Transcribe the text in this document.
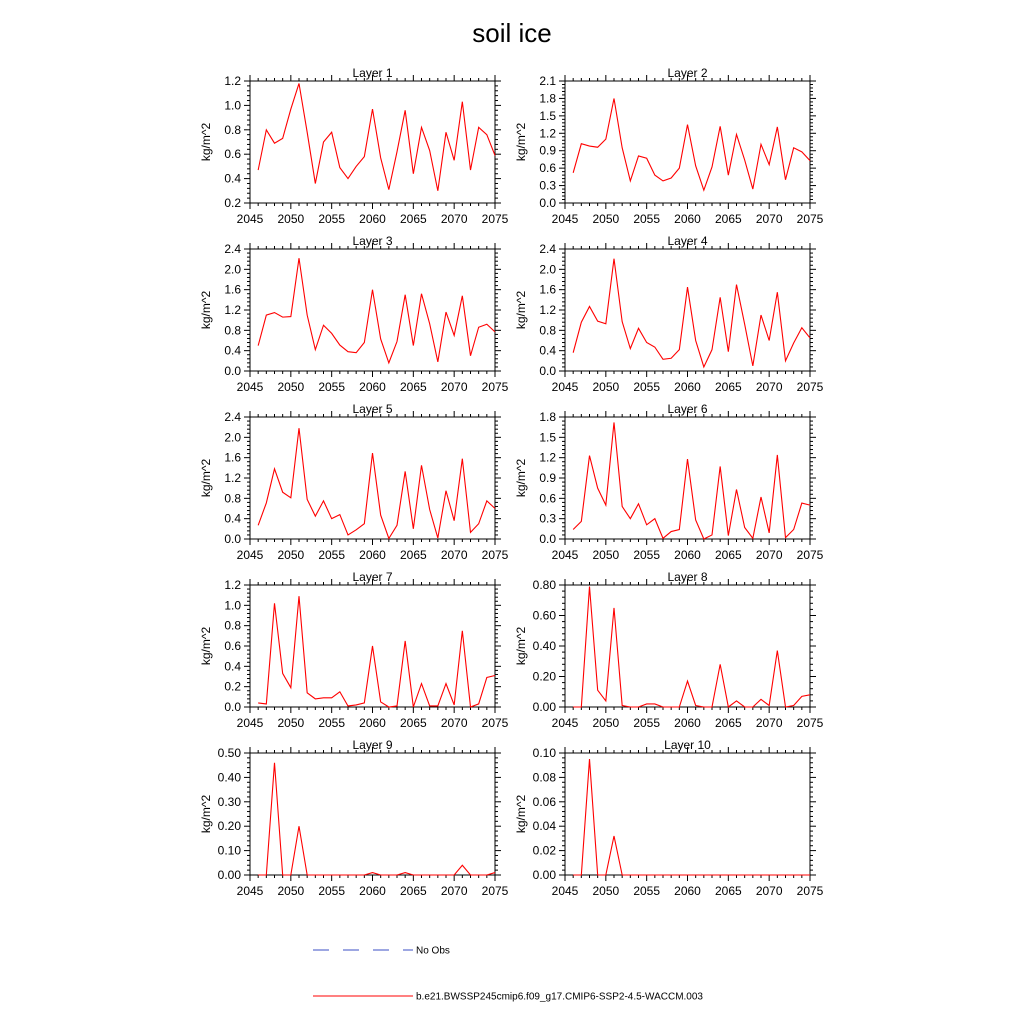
soil ice
Layer 1
kg/m^2
2045 2050 2055 2060 2065 2070 2075
0.2
0.4
0.6
0.8
1.0
1.2
Layer 2
kg/m^2
2045 2050 2055 2060 2065 2070 2075
0.0
0.3
0.6
0.9
1.2
1.5
1.8
2.1
Layer 3
kg/m^2
2045 2050 2055 2060 2065 2070 2075
0.0
0.4
0.8
1.2
1.6
2.0
2.4
Layer 4
kg/m^2
2045 2050 2055 2060 2065 2070 2075
0.0
0.4
0.8
1.2
1.6
2.0
2.4
Layer 5
kg/m^2
2045 2050 2055 2060 2065 2070 2075
0.0
0.4
0.8
1.2
1.6
2.0
2.4
Layer 6
kg/m^2
2045 2050 2055 2060 2065 2070 2075
0.0
0.3
0.6
0.9
1.2
1.5
1.8
Layer 7
kg/m^2
2045 2050 2055 2060 2065 2070 2075
0.0
0.2
0.4
0.6
0.8
1.0
1.2
Layer 8
kg/m^2
2045 2050 2055 2060 2065 2070 2075
0.00
0.20
0.40
0.60
0.80
Layer 9
kg/m^2
2045 2050 2055 2060 2065 2070 2075
0.00
0.10
0.20
0.30
0.40
0.50
Layer 10
kg/m^2
2045 2050 2055 2060 2065 2070 2075
0.00
0.02
0.04
0.06
0.08
0.10
No Obs
b.e21.BWSSP245cmip6.f09_g17.CMIP6-SSP2-4.5-WACCM.003
